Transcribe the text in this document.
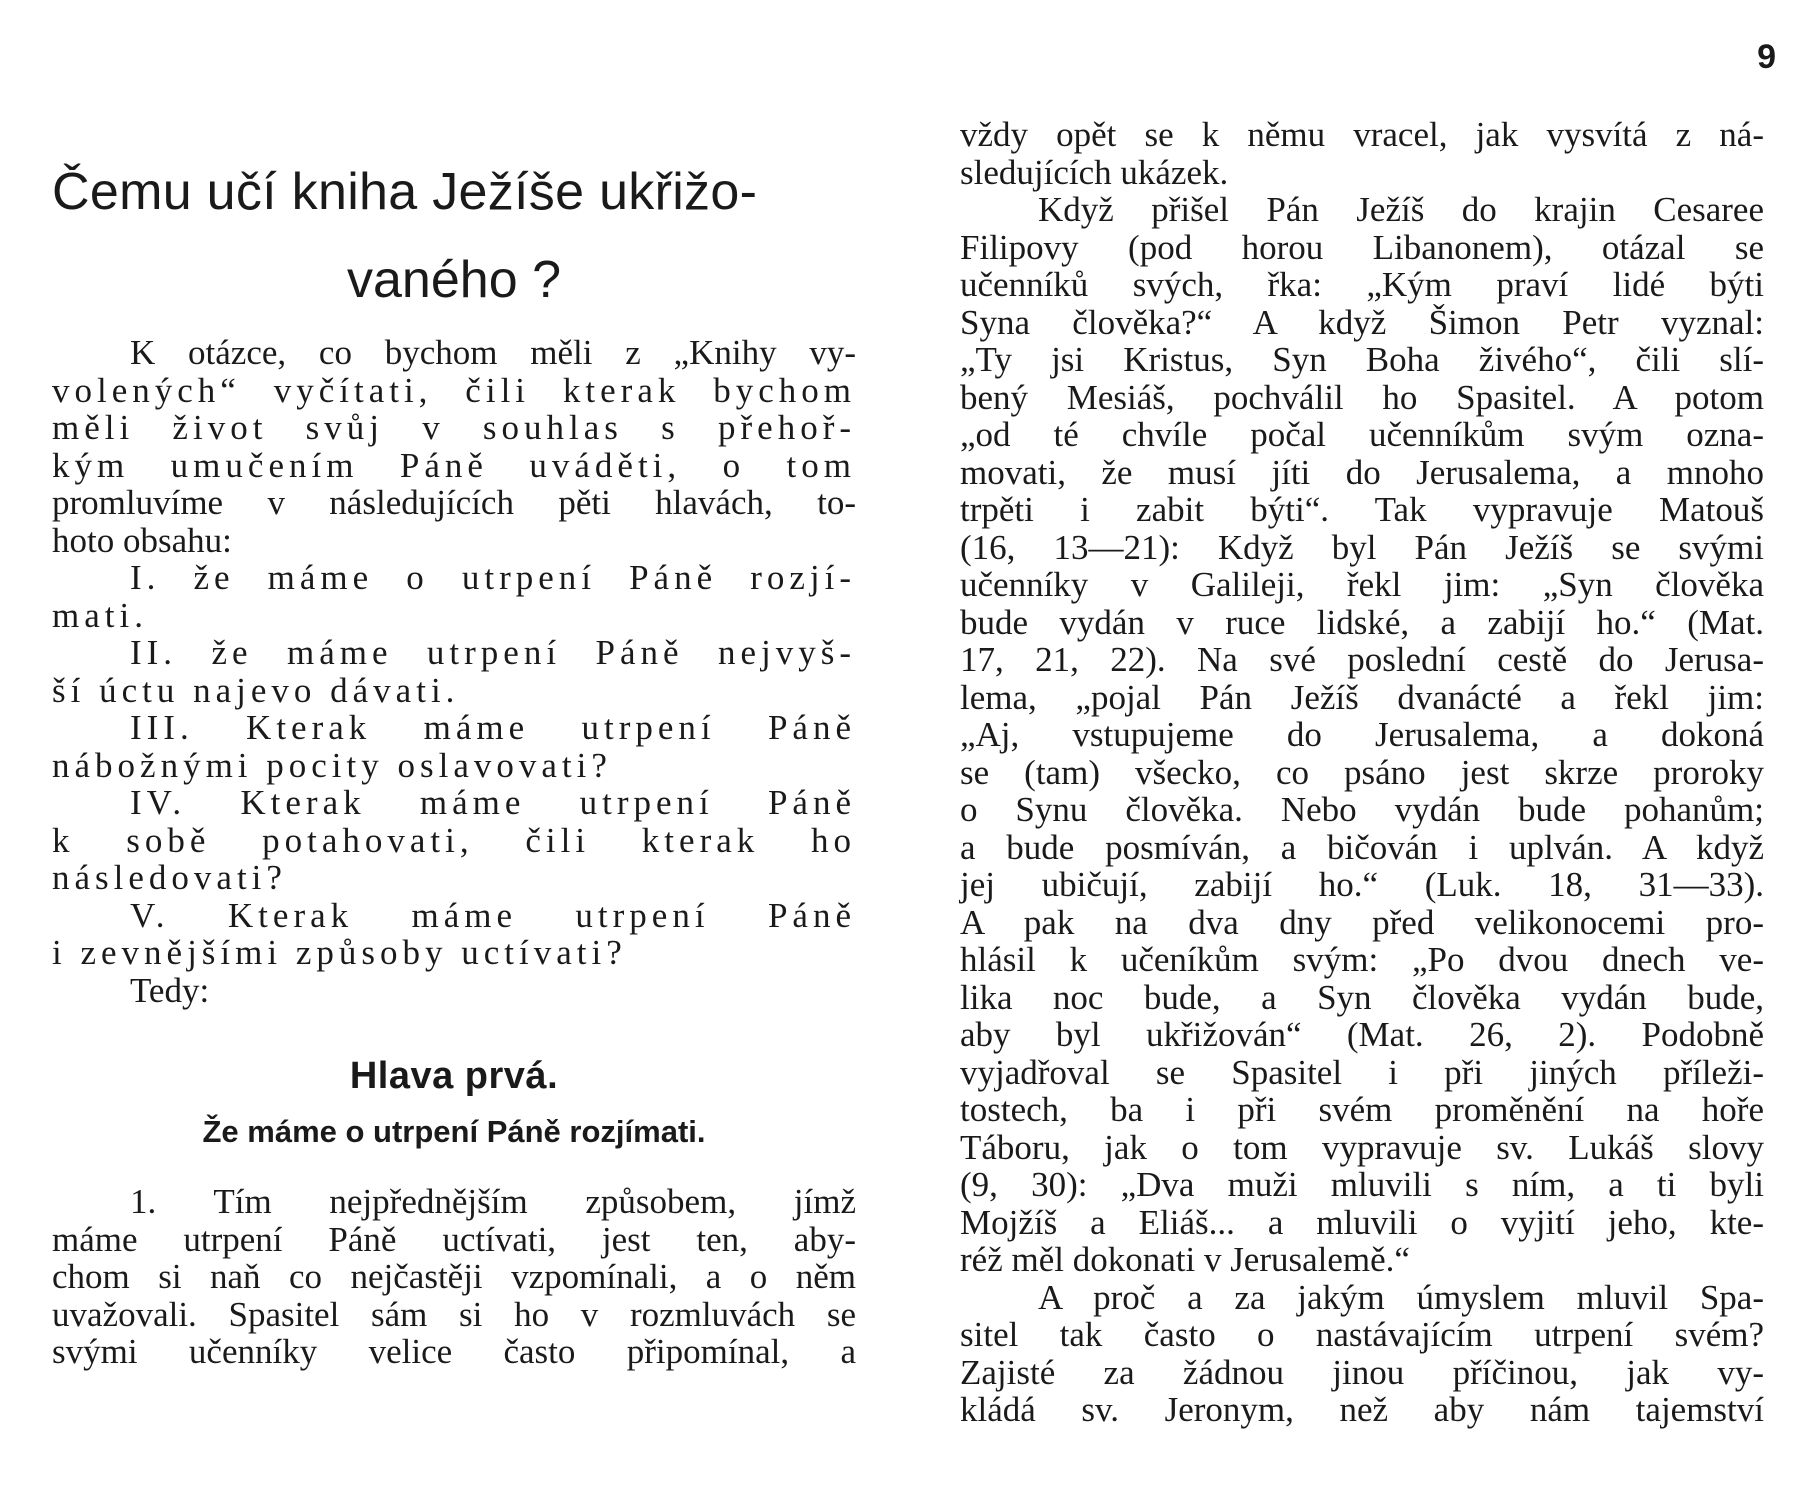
9
Čemu učí kniha Ježíše ukřižo-
vaného ?
K otázce, co bychom měli z „Knihy vy-
volených“ vyčítati, čili kterak bychom
měli život svůj v souhlas s přehoř-
kým umučením Páně uváděti, o tom
promluvíme v následujících pěti hlavách, to-
hoto obsahu:
I. že máme o utrpení Páně rozjí-
mati.
II. že máme utrpení Páně nejvyš-
ší úctu najevo dávati.
III. Kterak máme utrpení Páně
nábožnými pocity oslavovati?
IV. Kterak máme utrpení Páně
k sobě potahovati, čili kterak ho
následovati?
V. Kterak máme utrpení Páně
i zevnějšími způsoby uctívati?
Tedy:
Hlava prvá.
Že máme o utrpení Páně rozjímati.
1. Tím nejpřednějším způsobem, jímž
máme utrpení Páně uctívati, jest ten, aby-
chom si naň co nejčastěji vzpomínali, a o něm
uvažovali. Spasitel sám si ho v rozmluvách se
svými učenníky velice často připomínal, a
vždy opět se k němu vracel, jak vysvítá z ná-
sledujících ukázek.
Když přišel Pán Ježíš do krajin Cesaree
Filipovy (pod horou Libanonem), otázal se
učenníků svých, řka: „Kým praví lidé býti
Syna člověka?“ A když Šimon Petr vyznal:
„Ty jsi Kristus, Syn Boha živého“, čili slí-
bený Mesiáš, pochválil ho Spasitel. A potom
„od té chvíle počal učenníkům svým ozna-
movati, že musí jíti do Jerusalema, a mnoho
trpěti i zabit býti“. Tak vypravuje Matouš
(16, 13—21): Když byl Pán Ježíš se svými
učenníky v Galileji, řekl jim: „Syn člověka
bude vydán v ruce lidské, a zabijí ho.“ (Mat.
17, 21, 22). Na své poslední cestě do Jerusa-
lema, „pojal Pán Ježíš dvanácté a řekl jim:
„Aj, vstupujeme do Jerusalema, a dokoná
se (tam) všecko, co psáno jest skrze proroky
o Synu člověka. Nebo vydán bude pohanům;
a bude posmíván, a bičován i uplván. A když
jej ubičují, zabijí ho.“ (Luk. 18, 31—33).
A pak na dva dny před velikonocemi pro-
hlásil k učeníkům svým: „Po dvou dnech ve-
lika noc bude, a Syn člověka vydán bude,
aby byl ukřižován“ (Mat. 26, 2). Podobně
vyjadřoval se Spasitel i při jiných příleži-
tostech, ba i při svém proměnění na hoře
Táboru, jak o tom vypravuje sv. Lukáš slovy
(9, 30): „Dva muži mluvili s ním, a ti byli
Mojžíš a Eliáš... a mluvili o vyjití jeho, kte-
réž měl dokonati v Jerusalemě.“
A proč a za jakým úmyslem mluvil Spa-
sitel tak často o nastávajícím utrpení svém?
Zajisté za žádnou jinou příčinou, jak vy-
kládá sv. Jeronym, než aby nám tajemství
